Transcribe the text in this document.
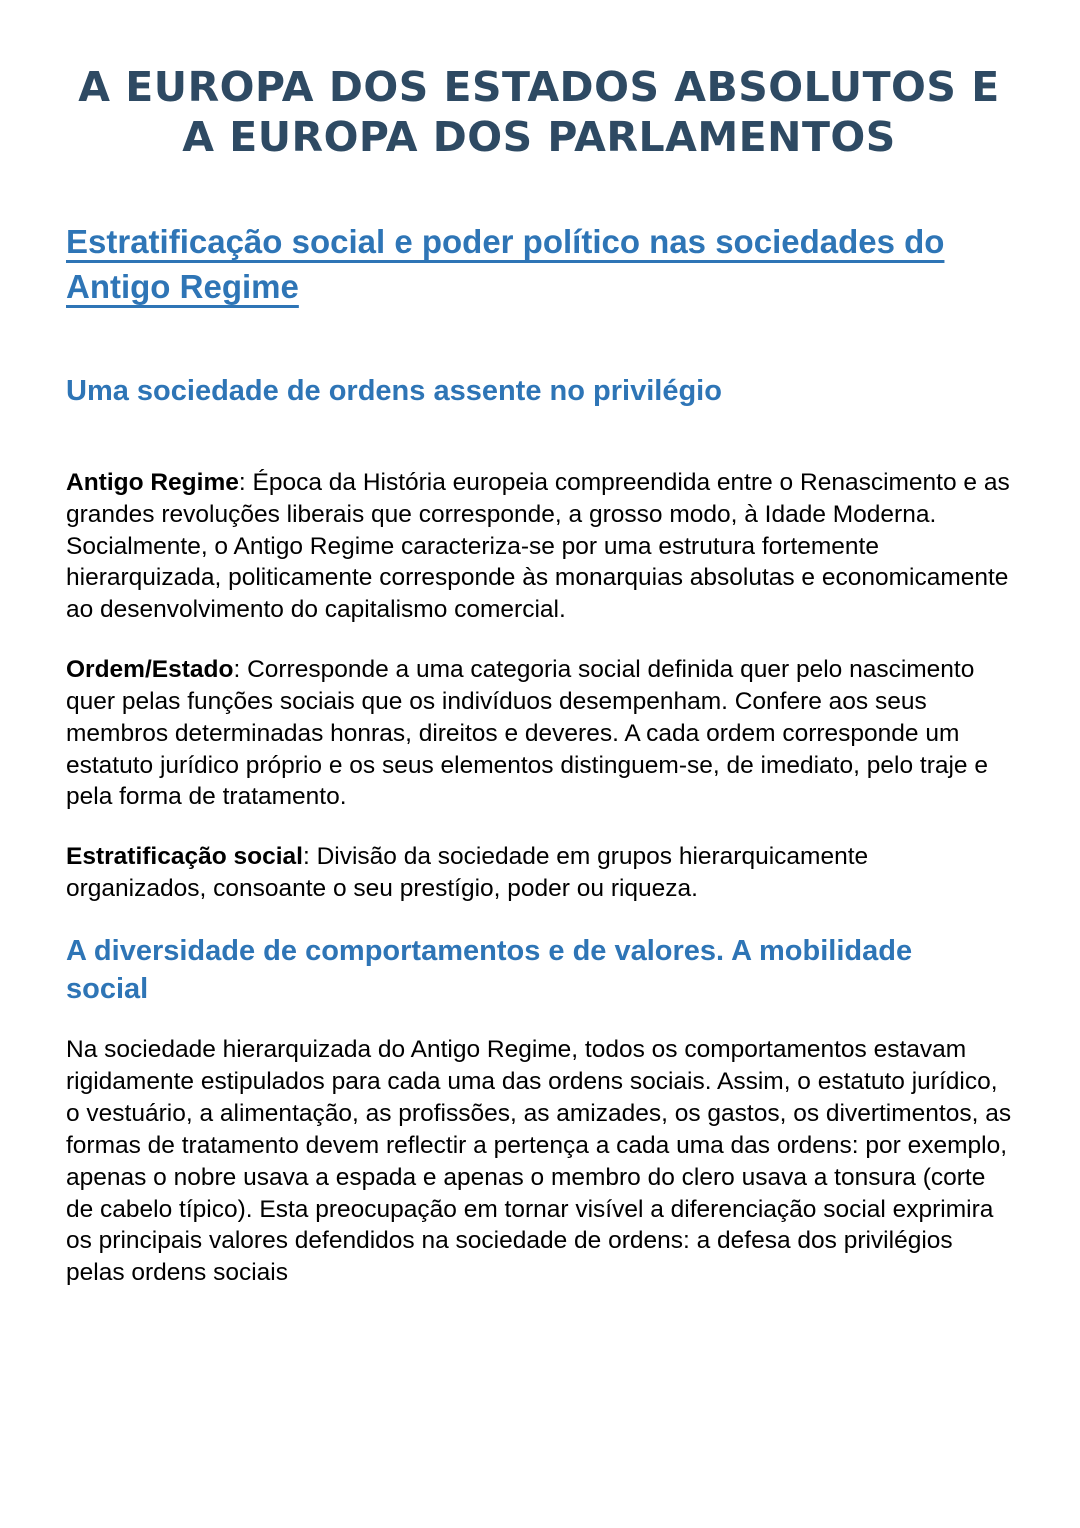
A EUROPA DOS ESTADOS ABSOLUTOS E A EUROPA DOS PARLAMENTOS
Estratificação social e poder político nas sociedades do Antigo Regime
Uma sociedade de ordens assente no privilégio

Antigo Regime: Época da História europeia compreendida entre o Renascimento e as grandes revoluções liberais que corresponde, a grosso modo, à Idade Moderna. Socialmente, o Antigo Regime caracteriza-se por uma estrutura fortemente hierarquizada, politicamente corresponde às monarquias absolutas e economicamente ao desenvolvimento do capitalismo comercial.

Ordem/Estado: Corresponde a uma categoria social definida quer pelo nascimento quer pelas funções sociais que os indivíduos desempenham. Confere aos seus membros determinadas honras, direitos e deveres. A cada ordem corresponde um estatuto jurídico próprio e os seus elementos distinguem-se, de imediato, pelo traje e pela forma de tratamento.

Estratificação social: Divisão da sociedade em grupos hierarquicamente organizados, consoante o seu prestígio, poder ou riqueza.

A diversidade de comportamentos e de valores. A mobilidade social

Na sociedade hierarquizada do Antigo Regime, todos os comportamentos estavam rigidamente estipulados para cada uma das ordens sociais. Assim, o estatuto jurídico, o vestuário, a alimentação, as profissões, as amizades, os gastos, os divertimentos, as formas de tratamento devem reflectir a pertença a cada uma das ordens: por exemplo, apenas o nobre usava a espada e apenas o membro do clero usava a tonsura (corte de cabelo típico). Esta preocupação em tornar visível a diferenciação social exprimira os principais valores defendidos na sociedade de ordens: a defesa dos privilégios pelas ordens sociais
